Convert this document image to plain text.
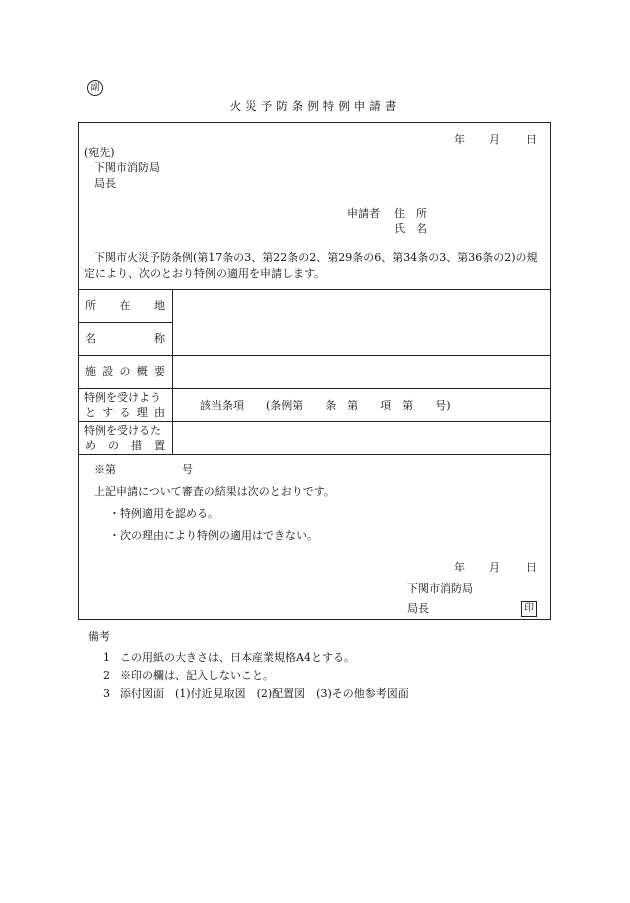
副
火災予防条例特例申請書
年 月 日
(宛先)
下関市消防局
局長
申請者 住　所
氏　名
下関市火災予防条例(第17条の3、第22条の2、第29条の6、第34条の3、第36条の2)の規
定により、次のとおり特例の適用を申請します。
所 在 地
名	称
施 設 の 概 要
特例を受けよう
と す る 理 由
該当条項　　(条例第　　条　第　　項　第　　号)
特例を受けるた
め の 措 置
※第　　　　　　号
上記申請について審査の結果は次のとおりです。
・特例適用を認める。
・次の理由により特例の適用はできない。
年 月 日
下関市消防局
局長	印
備考
1 この用紙の大きさは、日本産業規格A4とする。
2 ※印の欄は、記入しないこと。
3 添付図面　(1)付近見取図　(2)配置図　(3)その他参考図面
